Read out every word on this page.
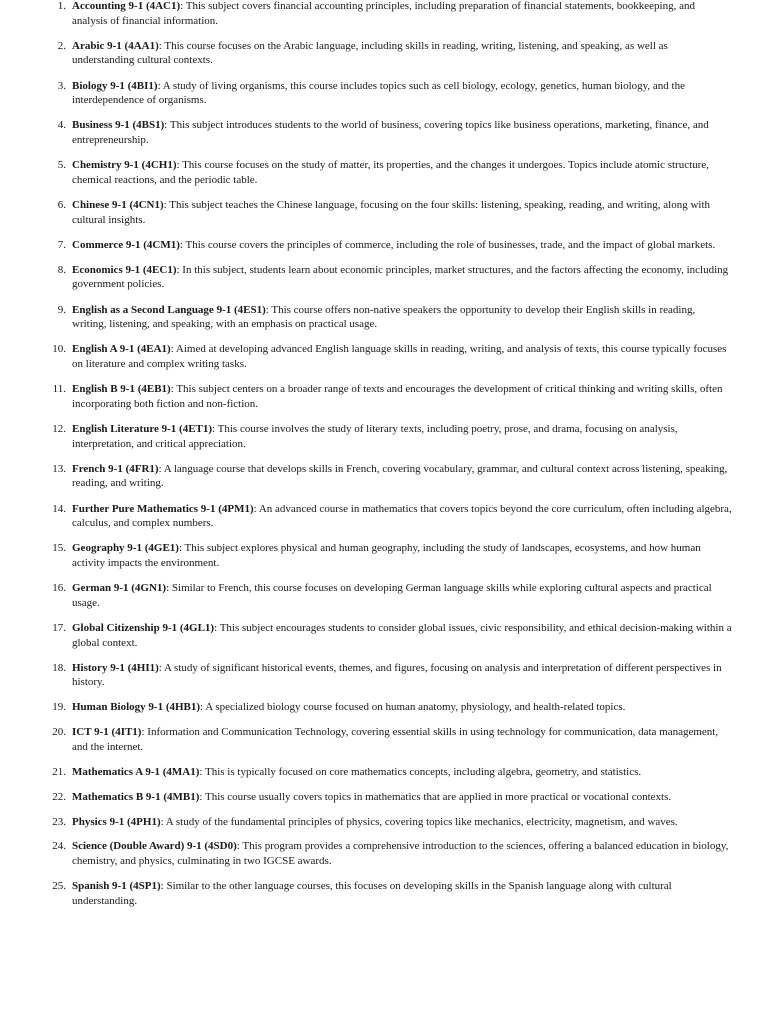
1. Accounting 9-1 (4AC1): This subject covers financial accounting principles, including preparation of financial statements, bookkeeping, and analysis of financial information.
2. Arabic 9-1 (4AA1): This course focuses on the Arabic language, including skills in reading, writing, listening, and speaking, as well as understanding cultural contexts.
3. Biology 9-1 (4BI1): A study of living organisms, this course includes topics such as cell biology, ecology, genetics, human biology, and the interdependence of organisms.
4. Business 9-1 (4BS1): This subject introduces students to the world of business, covering topics like business operations, marketing, finance, and entrepreneurship.
5. Chemistry 9-1 (4CH1): This course focuses on the study of matter, its properties, and the changes it undergoes. Topics include atomic structure, chemical reactions, and the periodic table.
6. Chinese 9-1 (4CN1): This subject teaches the Chinese language, focusing on the four skills: listening, speaking, reading, and writing, along with cultural insights.
7. Commerce 9-1 (4CM1): This course covers the principles of commerce, including the role of businesses, trade, and the impact of global markets.
8. Economics 9-1 (4EC1): In this subject, students learn about economic principles, market structures, and the factors affecting the economy, including government policies.
9. English as a Second Language 9-1 (4ES1): This course offers non-native speakers the opportunity to develop their English skills in reading, writing, listening, and speaking, with an emphasis on practical usage.
10. English A 9-1 (4EA1): Aimed at developing advanced English language skills in reading, writing, and analysis of texts, this course typically focuses on literature and complex writing tasks.
11. English B 9-1 (4EB1): This subject centers on a broader range of texts and encourages the development of critical thinking and writing skills, often incorporating both fiction and non-fiction.
12. English Literature 9-1 (4ET1): This course involves the study of literary texts, including poetry, prose, and drama, focusing on analysis, interpretation, and critical appreciation.
13. French 9-1 (4FR1): A language course that develops skills in French, covering vocabulary, grammar, and cultural context across listening, speaking, reading, and writing.
14. Further Pure Mathematics 9-1 (4PM1): An advanced course in mathematics that covers topics beyond the core curriculum, often including algebra, calculus, and complex numbers.
15. Geography 9-1 (4GE1): This subject explores physical and human geography, including the study of landscapes, ecosystems, and how human activity impacts the environment.
16. German 9-1 (4GN1): Similar to French, this course focuses on developing German language skills while exploring cultural aspects and practical usage.
17. Global Citizenship 9-1 (4GL1): This subject encourages students to consider global issues, civic responsibility, and ethical decision-making within a global context.
18. History 9-1 (4HI1): A study of significant historical events, themes, and figures, focusing on analysis and interpretation of different perspectives in history.
19. Human Biology 9-1 (4HB1): A specialized biology course focused on human anatomy, physiology, and health-related topics.
20. ICT 9-1 (4IT1): Information and Communication Technology, covering essential skills in using technology for communication, data management, and the internet.
21. Mathematics A 9-1 (4MA1): This is typically focused on core mathematics concepts, including algebra, geometry, and statistics.
22. Mathematics B 9-1 (4MB1): This course usually covers topics in mathematics that are applied in more practical or vocational contexts.
23. Physics 9-1 (4PH1): A study of the fundamental principles of physics, covering topics like mechanics, electricity, magnetism, and waves.
24. Science (Double Award) 9-1 (4SD0): This program provides a comprehensive introduction to the sciences, offering a balanced education in biology, chemistry, and physics, culminating in two IGCSE awards.
25. Spanish 9-1 (4SP1): Similar to the other language courses, this focuses on developing skills in the Spanish language along with cultural understanding.
